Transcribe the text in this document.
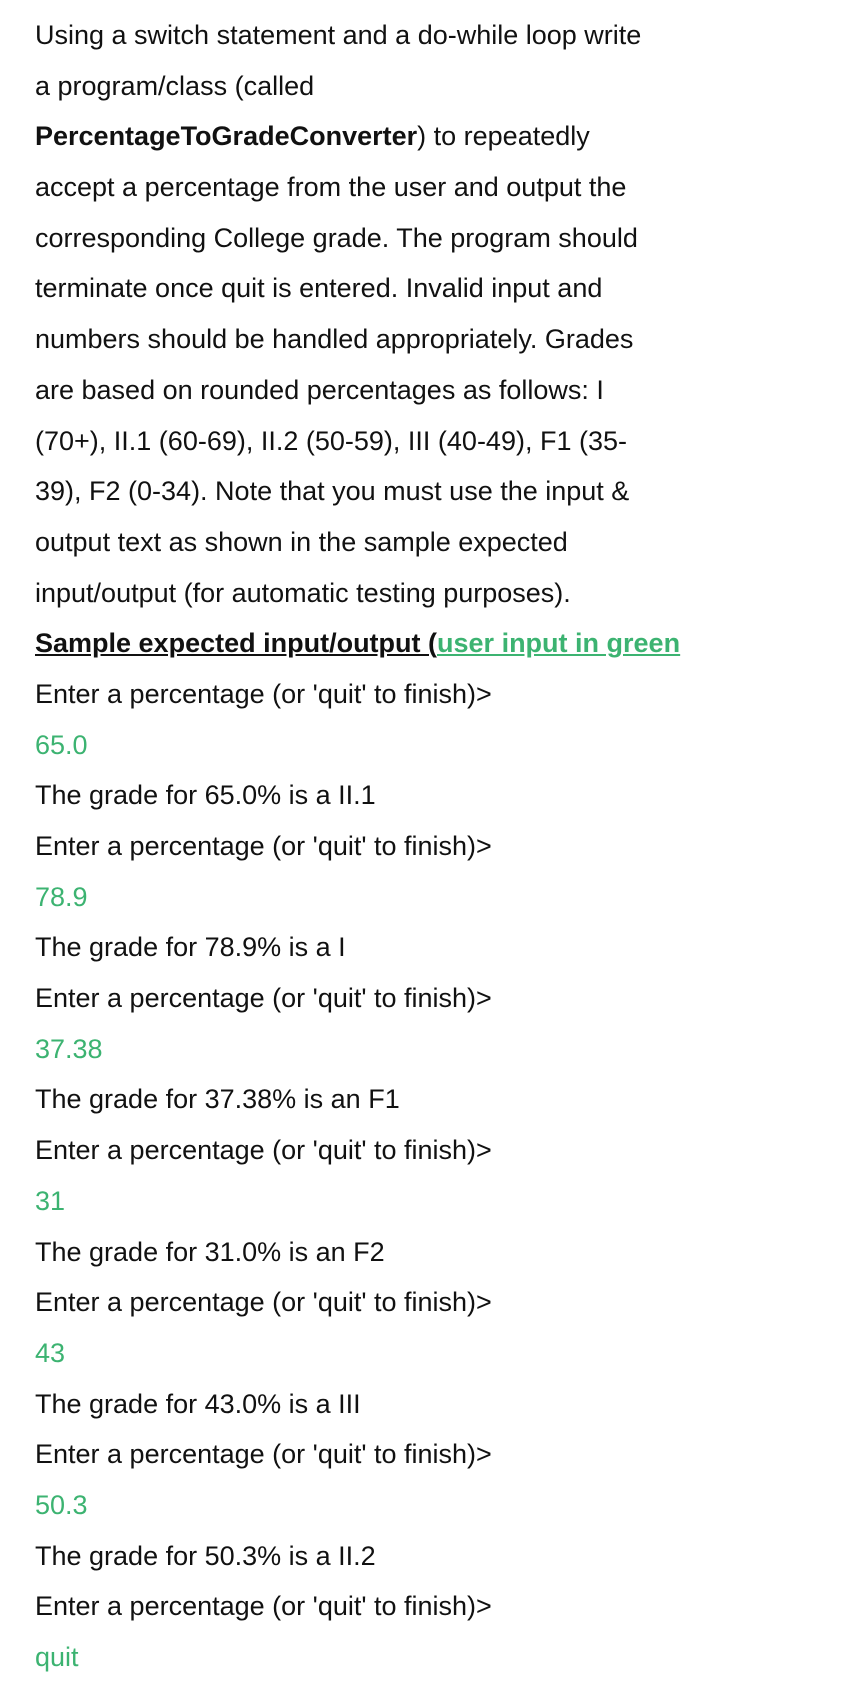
Using a switch statement and a do-while loop write
a program/class (called
PercentageToGradeConverter) to repeatedly
accept a percentage from the user and output the
corresponding College grade. The program should
terminate once quit is entered. Invalid input and
numbers should be handled appropriately. Grades
are based on rounded percentages as follows: I
(70+), II.1 (60-69), II.2 (50-59), III (40-49), F1 (35-
39), F2 (0-34). Note that you must use the input &
output text as shown in the sample expected
input/output (for automatic testing purposes).
Sample expected input/output (user input in green
Enter a percentage (or 'quit' to finish)>
65.0
The grade for 65.0% is a II.1
Enter a percentage (or 'quit' to finish)>
78.9
The grade for 78.9% is a I
Enter a percentage (or 'quit' to finish)>
37.38
The grade for 37.38% is an F1
Enter a percentage (or 'quit' to finish)>
31
The grade for 31.0% is an F2
Enter a percentage (or 'quit' to finish)>
43
The grade for 43.0% is a III
Enter a percentage (or 'quit' to finish)>
50.3
The grade for 50.3% is a II.2
Enter a percentage (or 'quit' to finish)>
quit
